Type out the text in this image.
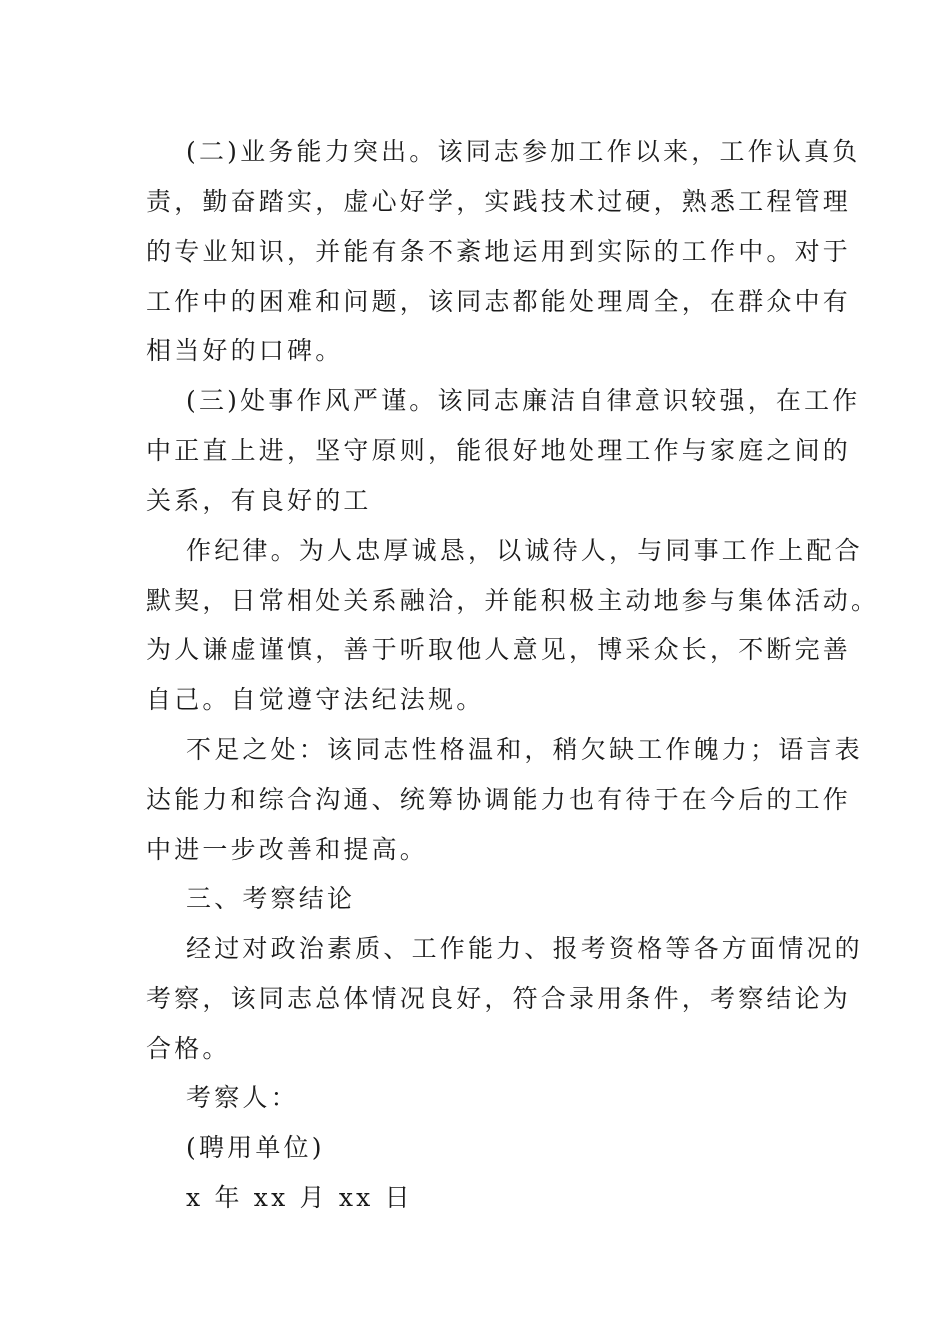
(二)业务能力突出。该同志参加工作以来，工作认真负
责，勤奋踏实，虚心好学，实践技术过硬，熟悉工程管理
的专业知识，并能有条不紊地运用到实际的工作中。对于
工作中的困难和问题，该同志都能处理周全，在群众中有
相当好的口碑。
(三)处事作风严谨。该同志廉洁自律意识较强，在工作
中正直上进，坚守原则，能很好地处理工作与家庭之间的
关系，有良好的工
作纪律。为人忠厚诚恳，以诚待人，与同事工作上配合
默契，日常相处关系融洽，并能积极主动地参与集体活动。
为人谦虚谨慎，善于听取他人意见，博采众长，不断完善
自己。自觉遵守法纪法规。
不足之处：该同志性格温和，稍欠缺工作魄力；语言表
达能力和综合沟通、统筹协调能力也有待于在今后的工作
中进一步改善和提高。
三、考察结论
经过对政治素质、工作能力、报考资格等各方面情况的
考察，该同志总体情况良好，符合录用条件，考察结论为
合格。
考察人：
(聘用单位)
x 年 xx 月 xx 日
